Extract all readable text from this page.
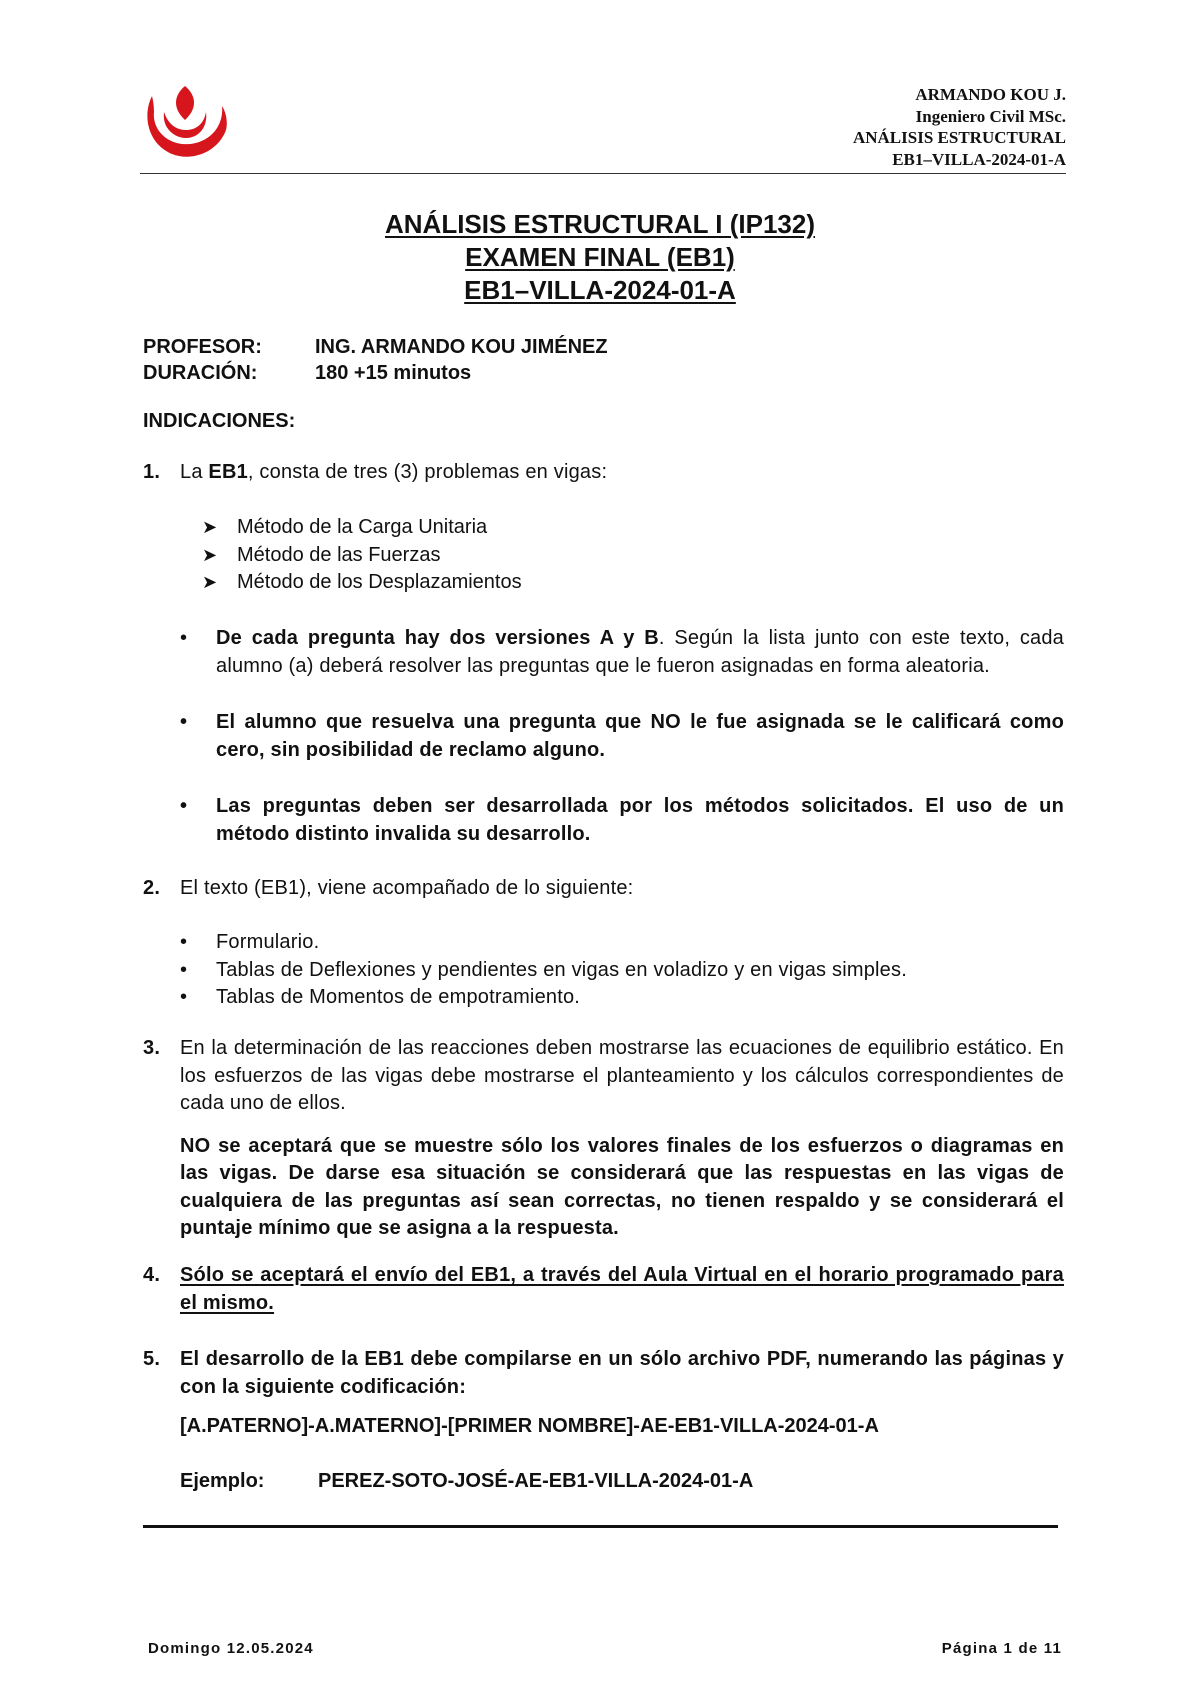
ARMANDO KOU J.
Ingeniero Civil MSc.
ANÁLISIS ESTRUCTURAL
EB1–VILLA-2024-01-A
ANÁLISIS ESTRUCTURAL I (IP132)
EXAMEN FINAL (EB1)
EB1–VILLA-2024-01-A
PROFESOR:	ING. ARMANDO KOU JIMÉNEZ
DURACIÓN:	180 +15 minutos
INDICACIONES:
1. La EB1, consta de tres (3) problemas en vigas:
➤ Método de la Carga Unitaria
➤ Método de las Fuerzas
➤ Método de los Desplazamientos
• De cada pregunta hay dos versiones A y B. Según la lista junto con este texto, cada alumno (a) deberá resolver las preguntas que le fueron asignadas en forma aleatoria.
• El alumno que resuelva una pregunta que NO le fue asignada se le calificará como cero, sin posibilidad de reclamo alguno.
• Las preguntas deben ser desarrollada por los métodos solicitados. El uso de un método distinto invalida su desarrollo.
2. El texto (EB1), viene acompañado de lo siguiente:
• Formulario.
• Tablas de Deflexiones y pendientes en vigas en voladizo y en vigas simples.
• Tablas de Momentos de empotramiento.
3. En la determinación de las reacciones deben mostrarse las ecuaciones de equilibrio estático. En los esfuerzos de las vigas debe mostrarse el planteamiento y los cálculos correspondientes de cada uno de ellos.
NO se aceptará que se muestre sólo los valores finales de los esfuerzos o diagramas en las vigas. De darse esa situación se considerará que las respuestas en las vigas de cualquiera de las preguntas así sean correctas, no tienen respaldo y se considerará el puntaje mínimo que se asigna a la respuesta.
4. Sólo se aceptará el envío del EB1, a través del Aula Virtual en el horario programado para el mismo.
5. El desarrollo de la EB1 debe compilarse en un sólo archivo PDF, numerando las páginas y con la siguiente codificación:
[A.PATERNO]-A.MATERNO]-[PRIMER NOMBRE]-AE-EB1-VILLA-2024-01-A
Ejemplo:	PEREZ-SOTO-JOSÉ-AE-EB1-VILLA-2024-01-A
Domingo 12.05.2024	Página 1 de 11
